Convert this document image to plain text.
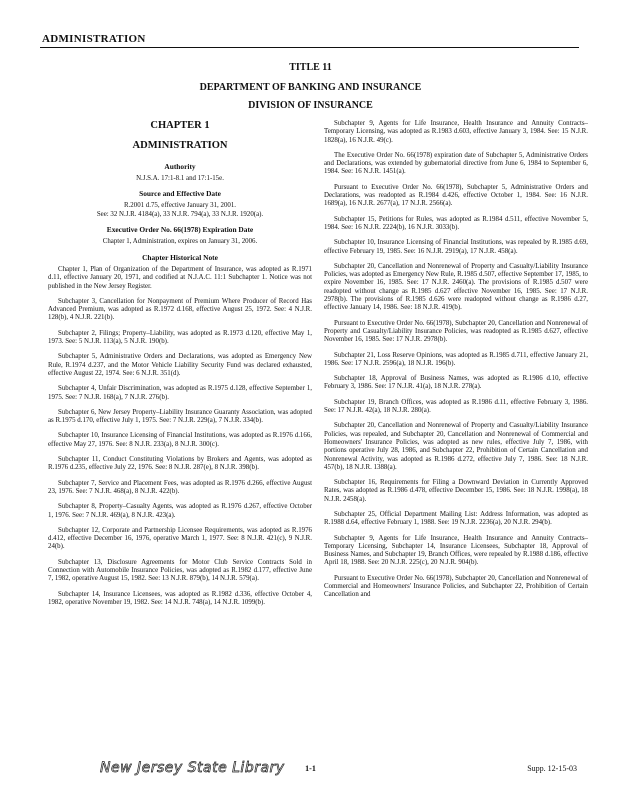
ADMINISTRATION
TITLE 11
DEPARTMENT OF BANKING AND INSURANCE
DIVISION OF INSURANCE
CHAPTER 1
ADMINISTRATION
Authority

N.J.S.A. 17:1-8.1 and 17:1-15e.

Source and Effective Date

R.2001 d.75, effective January 31, 2001.

See: 32 N.J.R. 4184(a), 33 N.J.R. 794(a), 33 N.J.R. 1920(a).

Executive Order No. 66(1978) Expiration Date

Chapter 1, Administration, expires on January 31, 2006.

Chapter Historical Note

Chapter 1, Plan of Organization of the Department of Insurance, was adopted as R.1971 d.11, effective January 20, 1971, and codified at N.J.A.C. 11:1 Subchapter 1. Notice was not published in the New Jersey Register.

Subchapter 3, Cancellation for Nonpayment of Premium Where Producer of Record Has Advanced Premium, was adopted as R.1972 d.168, effective August 25, 1972. See: 4 N.J.R. 128(b), 4 N.J.R. 221(b).

Subchapter 2, Filings; Property–Liability, was adopted as R.1973 d.120, effective May 1, 1973. See: 5 N.J.R. 113(a), 5 N.J.R. 190(b).

Subchapter 5, Administrative Orders and Declarations, was adopted as Emergency New Rule, R.1974 d.237, and the Motor Vehicle Liability Security Fund was declared exhausted, effective August 22, 1974. See: 6 N.J.R. 351(d).

Subchapter 4, Unfair Discrimination, was adopted as R.1975 d.128, effective September 1, 1975. See: 7 N.J.R. 168(a), 7 N.J.R. 276(b).

Subchapter 6, New Jersey Property–Liability Insurance Guaranty Association, was adopted as R.1975 d.170, effective July 1, 1975. See: 7 N.J.R. 229(a), 7 N.J.R. 334(b).

Subchapter 10, Insurance Licensing of Financial Institutions, was adopted as R.1976 d.166, effective May 27, 1976. See: 8 N.J.R. 233(a), 8 N.J.R. 300(c).

Subchapter 11, Conduct Constituting Violations by Brokers and Agents, was adopted as R.1976 d.235, effective July 22, 1976. See: 8 N.J.R. 287(e), 8 N.J.R. 398(b).

Subchapter 7, Service and Placement Fees, was adopted as R.1976 d.266, effective August 23, 1976. See: 7 N.J.R. 468(a), 8 N.J.R. 422(b).

Subchapter 8, Property–Casualty Agents, was adopted as R.1976 d.267, effective October 1, 1976. See: 7 N.J.R. 469(a), 8 N.J.R. 423(a).

Subchapter 12, Corporate and Partnership Licensee Requirements, was adopted as R.1976 d.412, effective December 16, 1976, operative March 1, 1977. See: 8 N.J.R. 421(c), 9 N.J.R. 24(b).

Subchapter 13, Disclosure Agreements for Motor Club Service Contracts Sold in Connection with Automobile Insurance Policies, was adopted as R.1982 d.177, effective June 7, 1982, operative August 15, 1982. See: 13 N.J.R. 879(b), 14 N.J.R. 579(a).

Subchapter 14, Insurance Licensees, was adopted as R.1982 d.336, effective October 4, 1982, operative November 19, 1982. See: 14 N.J.R. 748(a), 14 N.J.R. 1099(b).

Subchapter 9, Agents for Life Insurance, Health Insurance and Annuity Contracts–Temporary Licensing, was adopted as R.1983 d.603, effective January 3, 1984. See: 15 N.J.R. 1828(a), 16 N.J.R. 49(c).

The Executive Order No. 66(1978) expiration date of Subchapter 5, Administrative Orders and Declarations, was extended by gubernatorial directive from June 6, 1984 to September 6, 1984. See: 16 N.J.R. 1451(a).

Pursuant to Executive Order No. 66(1978), Subchapter 5, Administrative Orders and Declarations, was readopted as R.1984 d.426, effective October 1, 1984. See: 16 N.J.R. 1689(a), 16 N.J.R. 2677(a), 17 N.J.R. 2566(a).

Subchapter 15, Petitions for Rules, was adopted as R.1984 d.511, effective November 5, 1984. See: 16 N.J.R. 2224(b), 16 N.J.R. 3033(b).

Subchapter 10, Insurance Licensing of Financial Institutions, was repealed by R.1985 d.69, effective February 19, 1985. See: 16 N.J.R. 2919(a), 17 N.J.R. 458(a).

Subchapter 20, Cancellation and Nonrenewal of Property and Casualty/Liability Insurance Policies, was adopted as Emergency New Rule, R.1985 d.507, effective September 17, 1985, to expire November 16, 1985. See: 17 N.J.R. 2460(a). The provisions of R.1985 d.507 were readopted without change as R.1985 d.627 effective November 16, 1985. See: 17 N.J.R. 2978(b). The provisions of R.1985 d.626 were readopted without change as R.1986 d.27, effective January 14, 1986. See: 18 N.J.R. 419(b).

Pursuant to Executive Order No. 66(1978), Subchapter 20, Cancellation and Nonrenewal of Property and Casualty/Liability Insurance Policies, was readopted as R.1985 d.627, effective November 16, 1985. See: 17 N.J.R. 2978(b).

Subchapter 21, Loss Reserve Opinions, was adopted as R.1985 d.711, effective January 21, 1986. See: 17 N.J.R. 2596(a), 18 N.J.R. 196(b).

Subchapter 18, Approval of Business Names, was adopted as R.1986 d.10, effective February 3, 1986. See: 17 N.J.R. 41(a), 18 N.J.R. 278(a).

Subchapter 19, Branch Offices, was adopted as R.1986 d.11, effective February 3, 1986. See: 17 N.J.R. 42(a), 18 N.J.R. 280(a).

Subchapter 20, Cancellation and Nonrenewal of Property and Casualty/Liability Insurance Policies, was repealed, and Subchapter 20, Cancellation and Nonrenewal of Commercial and Homeowners' Insurance Policies, was adopted as new rules, effective July 7, 1986, with portions operative July 28, 1986, and Subchapter 22, Prohibition of Certain Cancellation and Nonrenewal Activity, was adopted as R.1986 d.272, effective July 7, 1986. See: 18 N.J.R. 457(b), 18 N.J.R. 1388(a).

Subchapter 16, Requirements for Filing a Downward Deviation in Currently Approved Rates, was adopted as R.1986 d.478, effective December 15, 1986. See: 18 N.J.R. 1998(a), 18 N.J.R. 2458(a).

Subchapter 25, Official Department Mailing List: Address Information, was adopted as R.1988 d.64, effective February 1, 1988. See: 19 N.J.R. 2236(a), 20 N.J.R. 294(b).

Subchapter 9, Agents for Life Insurance, Health Insurance and Annuity Contracts–Temporary Licensing, Subchapter 14, Insurance Licensees, Subchapter 18, Approval of Business Names, and Subchapter 19, Branch Offices, were repealed by R.1988 d.186, effective April 18, 1988. See: 20 N.J.R. 225(c), 20 N.J.R. 904(b).

Pursuant to Executive Order No. 66(1978), Subchapter 20, Cancellation and Nonrenewal of Commercial and Homeowners' Insurance Policies, and Subchapter 22, Prohibition of Certain Cancellation and

New Jersey State Library	1-1	Supp. 12-15-03
